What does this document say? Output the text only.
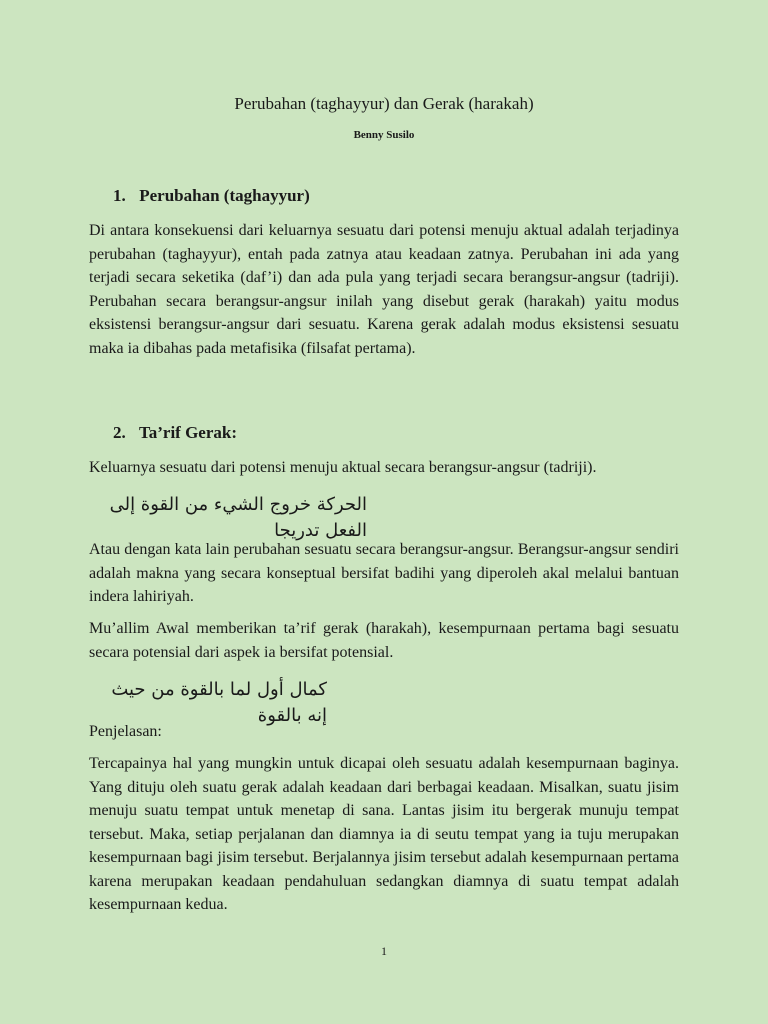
Perubahan (taghayyur) dan Gerak (harakah)

Benny Susilo

1. Perubahan (taghayyur)

Di antara konsekuensi dari keluarnya sesuatu dari potensi menuju aktual adalah terjadinya perubahan (taghayyur), entah pada zatnya atau keadaan zatnya. Perubahan ini ada yang terjadi secara seketika (daf’i) dan ada pula yang terjadi secara berangsur-angsur (tadriji). Perubahan secara berangsur-angsur inilah yang disebut gerak (harakah) yaitu modus eksistensi berangsur-angsur dari sesuatu. Karena gerak adalah modus eksistensi sesuatu maka ia dibahas pada metafisika (filsafat pertama).

2. Ta’rif Gerak:

Keluarnya sesuatu dari potensi menuju aktual secara berangsur-angsur (tadriji).

الحركة خروج الشيء من القوة إلى الفعل تدريجا

Atau dengan kata lain perubahan sesuatu secara berangsur-angsur. Berangsur-angsur sendiri adalah makna yang secara konseptual bersifat badihi yang diperoleh akal melalui bantuan indera lahiriyah.

Mu’allim Awal memberikan ta’rif gerak (harakah), kesempurnaan pertama bagi sesuatu secara potensial dari aspek ia bersifat potensial.

كمال أول لما بالقوة من حيث إنه بالقوة

Penjelasan:

Tercapainya hal yang mungkin untuk dicapai oleh sesuatu adalah kesempurnaan baginya. Yang dituju oleh suatu gerak adalah keadaan dari berbagai keadaan. Misalkan, suatu jisim menuju suatu tempat untuk menetap di sana. Lantas jisim itu bergerak munuju tempat tersebut. Maka, setiap perjalanan dan diamnya ia di seutu tempat yang ia tuju merupakan kesempurnaan bagi jisim tersebut. Berjalannya jisim tersebut adalah kesempurnaan pertama karena merupakan keadaan pendahuluan sedangkan diamnya di suatu tempat adalah kesempurnaan kedua.

1
